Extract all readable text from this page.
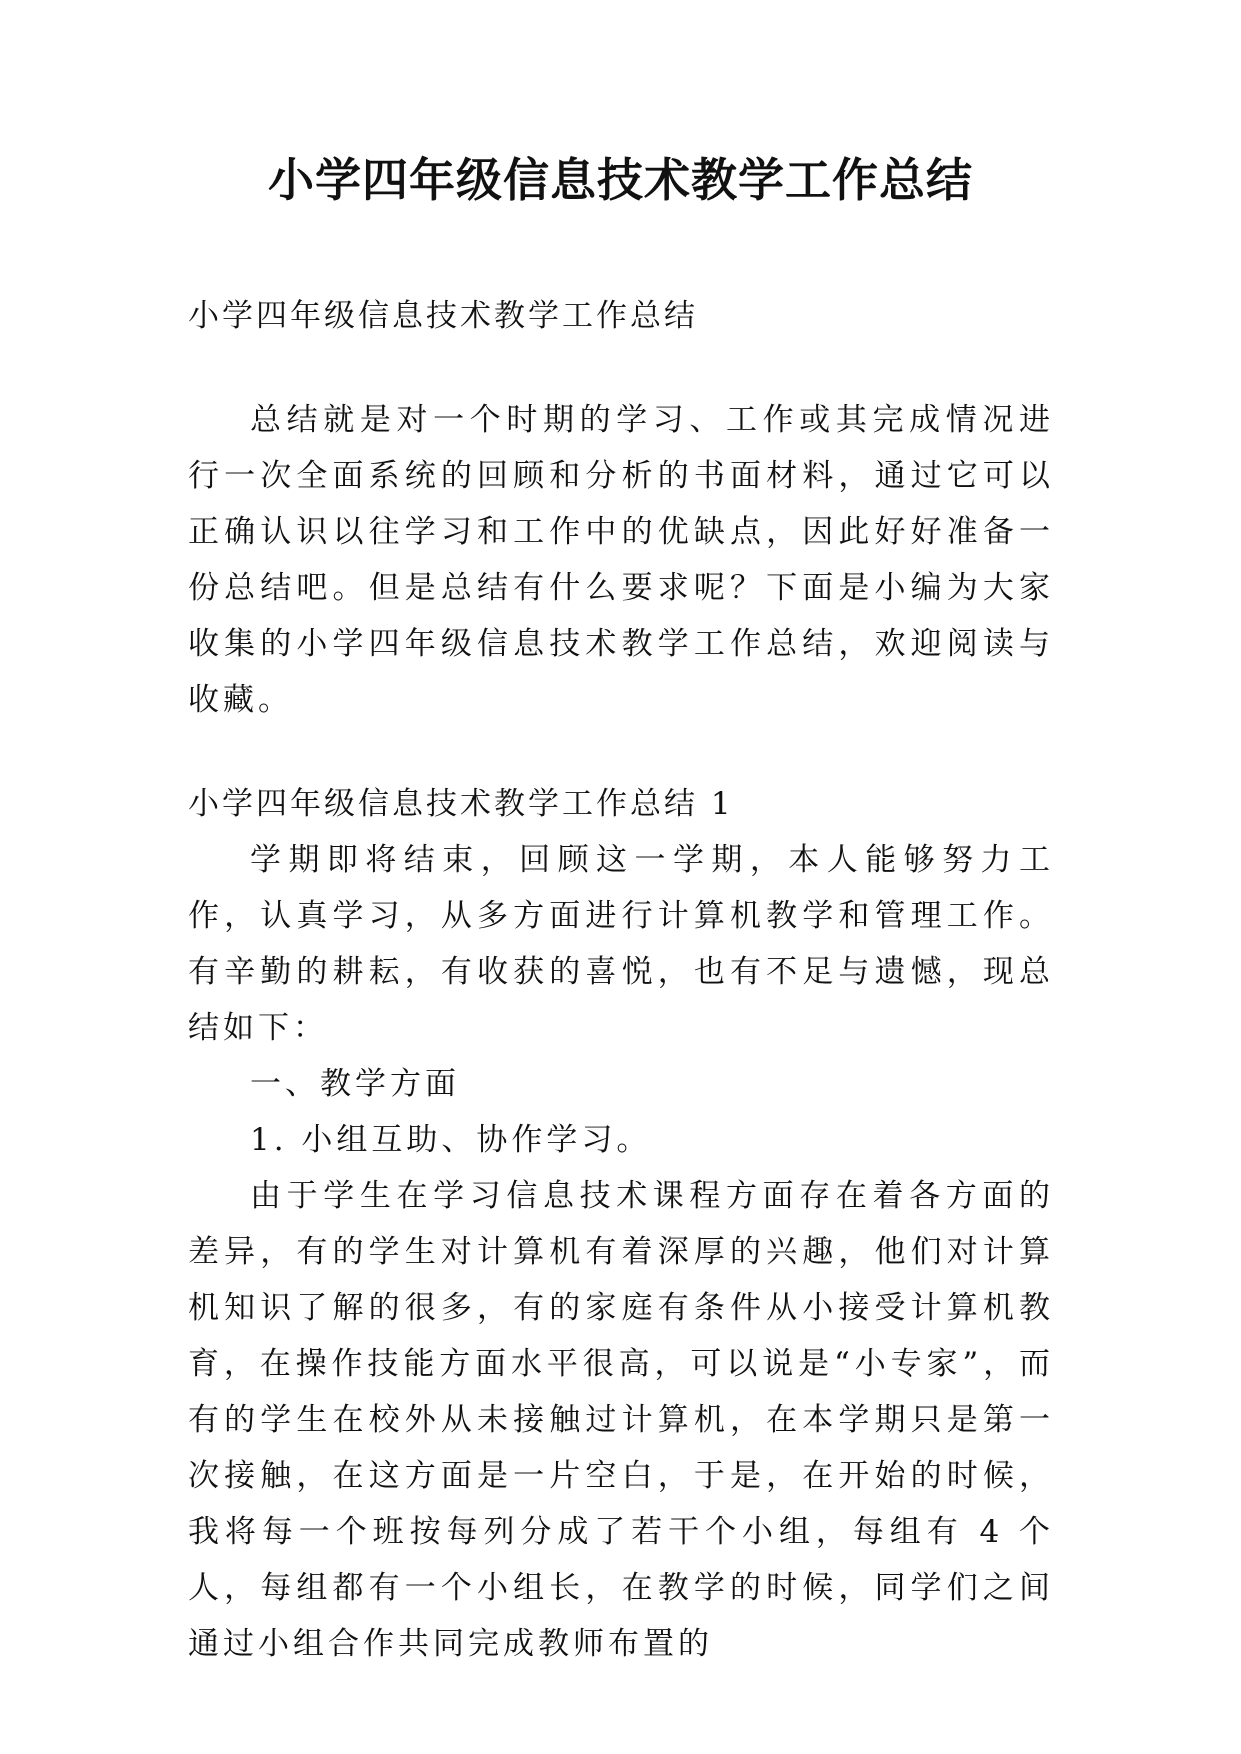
小学四年级信息技术教学工作总结

小学四年级信息技术教学工作总结

总结就是对一个时期的学习、工作或其完成情况进行一次全面系统的回顾和分析的书面材料，通过它可以正确认识以往学习和工作中的优缺点，因此好好准备一份总结吧。但是总结有什么要求呢？下面是小编为大家收集的小学四年级信息技术教学工作总结，欢迎阅读与收藏。

小学四年级信息技术教学工作总结 1

学期即将结束，回顾这一学期，本人能够努力工作，认真学习，从多方面进行计算机教学和管理工作。有辛勤的耕耘，有收获的喜悦，也有不足与遗憾，现总结如下：

一、教学方面

1. 小组互助、协作学习。

由于学生在学习信息技术课程方面存在着各方面的差异，有的学生对计算机有着深厚的兴趣，他们对计算机知识了解的很多，有的家庭有条件从小接受计算机教育，在操作技能方面水平很高，可以说是“小专家”，而有的学生在校外从未接触过计算机，在本学期只是第一次接触，在这方面是一片空白，于是，在开始的时候，我将每一个班按每列分成了若干个小组，每组有 4 个人，每组都有一个小组长，在教学的时候，同学们之间通过小组合作共同完成教师布置的
